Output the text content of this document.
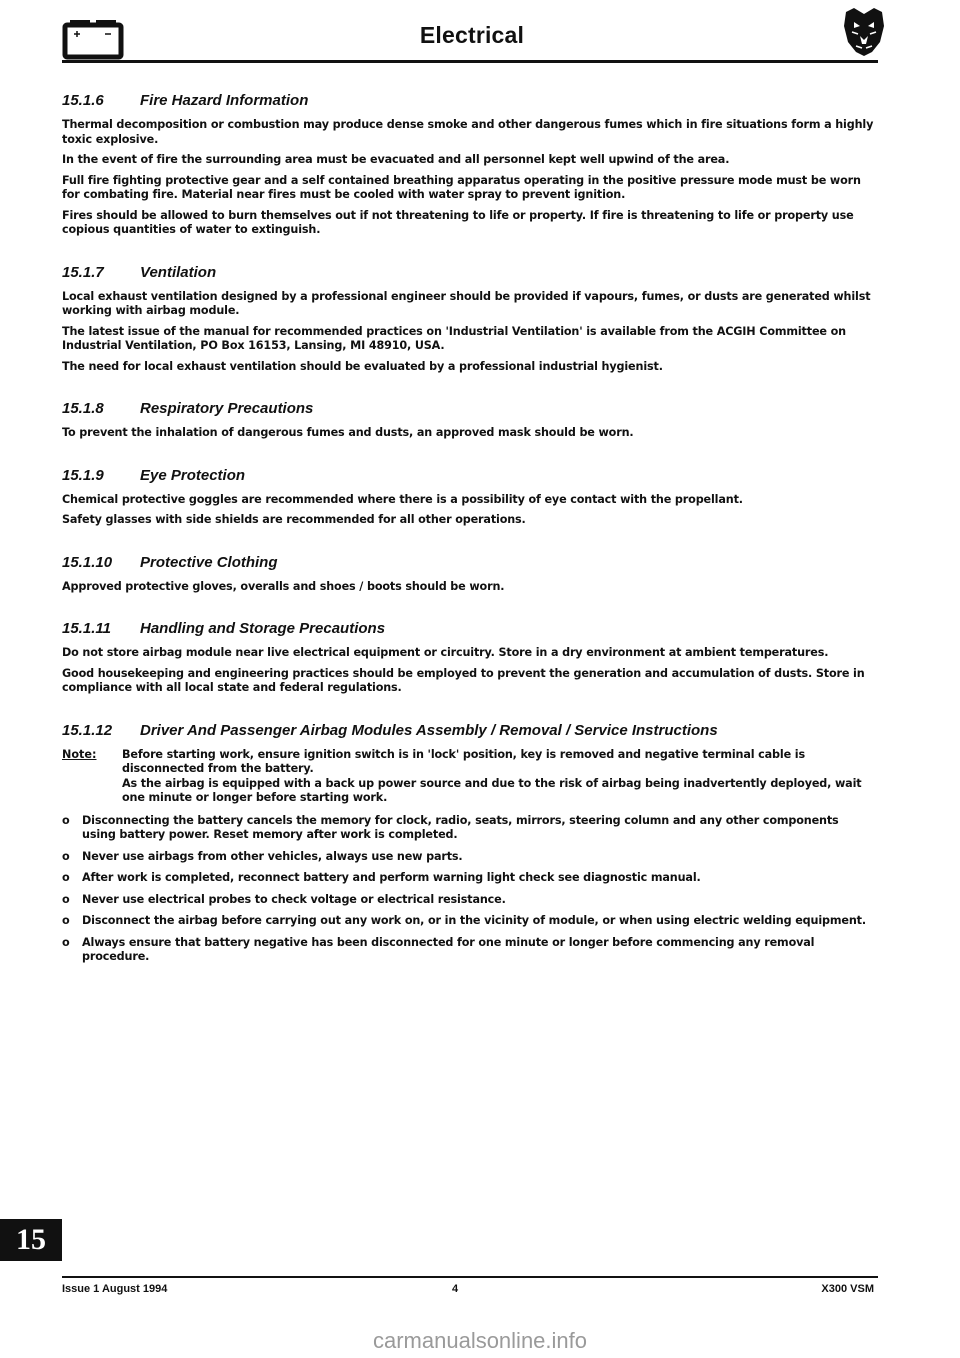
Electrical
15.1.6 Fire Hazard Information

Thermal decomposition or combustion may produce dense smoke and other dangerous fumes which in fire situations form a highly toxic explosive.

In the event of fire the surrounding area must be evacuated and all personnel kept well upwind of the area.

Full fire fighting protective gear and a self contained breathing apparatus operating in the positive pressure mode must be worn for combating fire. Material near fires must be cooled with water spray to prevent ignition.

Fires should be allowed to burn themselves out if not threatening to life or property. If fire is threatening to life or property use copious quantities of water to extinguish.

15.1.7 Ventilation

Local exhaust ventilation designed by a professional engineer should be provided if vapours, fumes, or dusts are generated whilst working with airbag module.

The latest issue of the manual for recommended practices on 'Industrial Ventilation' is available from the ACGIH Committee on Industrial Ventilation, PO Box 16153, Lansing, MI 48910, USA.

The need for local exhaust ventilation should be evaluated by a professional industrial hygienist.

15.1.8 Respiratory Precautions

To prevent the inhalation of dangerous fumes and dusts, an approved mask should be worn.

15.1.9 Eye Protection

Chemical protective goggles are recommended where there is a possibility of eye contact with the propellant.

Safety glasses with side shields are recommended for all other operations.

15.1.10 Protective Clothing

Approved protective gloves, overalls and shoes / boots should be worn.

15.1.11 Handling and Storage Precautions

Do not store airbag module near live electrical equipment or circuitry. Store in a dry environment at ambient temperatures.

Good housekeeping and engineering practices should be employed to prevent the generation and accumulation of dusts. Store in compliance with all local state and federal regulations.

15.1.12 Driver And Passenger Airbag Modules Assembly / Removal / Service Instructions
Note:	Before starting work, ensure ignition switch is in 'lock' position, key is removed and negative terminal cable is disconnected from the battery.
As the airbag is equipped with a back up power source and due to the risk of airbag being inadvertently deployed, wait one minute or longer before starting work.
o	Disconnecting the battery cancels the memory for clock, radio, seats, mirrors, steering column and any other components using battery power. Reset memory after work is completed.
o	Never use airbags from other vehicles, always use new parts.
o	After work is completed, reconnect battery and perform warning light check see diagnostic manual.
o	Never use electrical probes to check voltage or electrical resistance.
o	Disconnect the airbag before carrying out any work on, or in the vicinity of module, or when using electric welding equipment.
o	Always ensure that battery negative has been disconnected for one minute or longer before commencing any removal procedure.
15
Issue 1 August 1994	4	X300 VSM
carmanualsonline.info
